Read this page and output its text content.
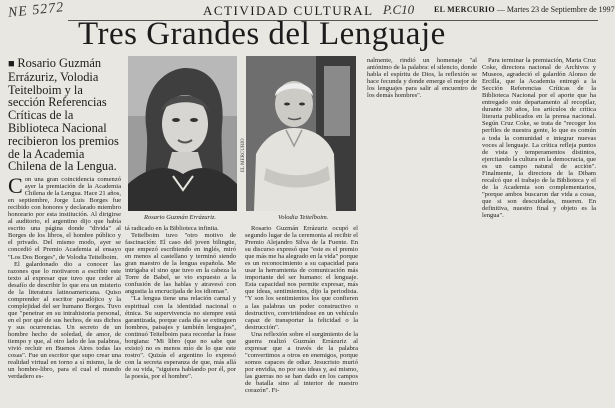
NE 5272	ACTIVIDAD CULTURAL P.C10 EL MERCURIO — Martes 23 de Septiembre de 1997
Tres Grandes del Lenguaje
■ Rosario Guzmán Errázuriz, Volodia Teitelboim y la sección Referencias Críticas de la Biblioteca Nacional recibieron los premios de la Academia Chilena de la Lengua.
Rosario Guzmán Errázuriz.
EL MERCURIO
Volodia Teitelboim.

Con una gran coincidencia comenzó ayer la premiación de la Academia Chilena de la Lengua. Hace 21 años, en septiembre, Jorge Luis Borges fue recibido con honores y declarado miembro honorario por esta institución. Al dirigirse al auditorio, el argentino dijo que había escrito una página donde "divida" al Borges de los libros, el hombre público y el privado. Del mismo modo, ayer se concedió el Premio Academia al ensayo "Los Dos Borges", de Volodia Teitelboim.

El galardonado dio a conocer las razones que lo motivaron a escribir este texto al expresar que tuvo que ceder al desafío de describir lo que era un misterio de la literatura latinoamericana. Quiso comprender al escritor paradójico y la complejidad del ser humano Borges. Tuvo que "penetrar en su intrahistoria personal, en el por qué de sus hechos, de sus dichos y sus ocurrencias. Un secreto de un hombre hecho de soledad, de amor, de tiempo y que, al otro lado de las palabras, vivió recluir en Buenos Aires todas las cosas". Fue un escritor que supo crear una realidad virtual en torno a sí mismo, la de un hombre-libro, para el cual el mundo verdadero es-

tá radicado en la Biblioteca infinita.

Teitelboim tuvo "otro motivo de fascinación: El caso del joven bilingüe, que empezó escribiendo en inglés, miró en menos al castellano y terminó siendo gran maestro de la lengua española. Me intrigaba el sino que tuvo en la cabeza la Torre de Babel, se vio expuesto a la confusión de las hablas y atravesó con angustia la encrucijada de los idiomas".

"La lengua tiene una relación carnal y espiritual con la identidad nacional o étnica. Su supervivencia no siempre está garantizada, porque cada día se extinguen hombres, paisajes y también lenguajes", continuó Teitelboim para recordar la frase borgiana: "Mi libro (que no sabe que existo) no es menos mío de lo que este rostro". Quizás el argentino lo expresó con la secreta esperanza de que, más allá de su vida, "siguiera hablando por él, por la poesía, por el hombre".

Rosario Guzmán Errázuriz ocupó el segundo lugar de la ceremonia al recibir el Premio Alejandro Silva de la Fuente. En su discurso expresó que "este es el premio que más me ha alegrado en la vida" porque es un reconocimiento a su capacidad para usar la herramienta de comunicación más importante del ser humano: el lenguaje. Esta capacidad nos permite expresar, más que ideas, sentimientos, dijo la periodista. "Y son los sentimientos los que confieren a las palabras un poder constructivo o destructivo, convirtiéndose en un vehículo capaz de transportar la felicidad o la destrucción".

Una reflexión sobre el surgimiento de la guerra realizó Guzmán Errázuriz al expresar que a través de la palabra "convertimos a otros en enemigos, porque somos capaces de odiar. Jesucristo murió por envidia, no por sus ideas y, así mismo, las guerras no se han dado en los campos de batalla sino al interior de nuestro corazón". Fi-

nalmente, rindió un homenaje "al antónimo de la palabra: el silencio, donde habla el espíritu de Dios, la reflexión se hace fecunda y donde emerge el mejor de los lenguajes para salir al encuentro de los demás hombres".

Para terminar la premiación, Marta Cruz Coke, directora nacional de Archivos y Museos, agradeció el galardón Alonso de Ercilla, que la Academia entregó a la Sección Referencias Críticas de la Biblioteca Nacional por el aporte que ha entregado este departamento al recopilar, durante 30 años, los artículos de crítica literaria publicados en la prensa nacional. Según Cruz Coke, se trata de "recoger los perfiles de nuestra gente, lo que es común a toda la comunidad e integrar nuevas voces al lenguaje. La crítica refleja puntos de vista y temperamentos distintos, ejercitando la cultura en la democracia, que es un campo natural de acción". Finalmente, la directora de la Dibam recalcó que el trabajo de la Biblioteca y el de la Academia son complementarios, "porque ambos buscaron dar vida a cosas, que si son descuidadas, mueren. En definitiva, nuestro final y objeto es la lengua".
